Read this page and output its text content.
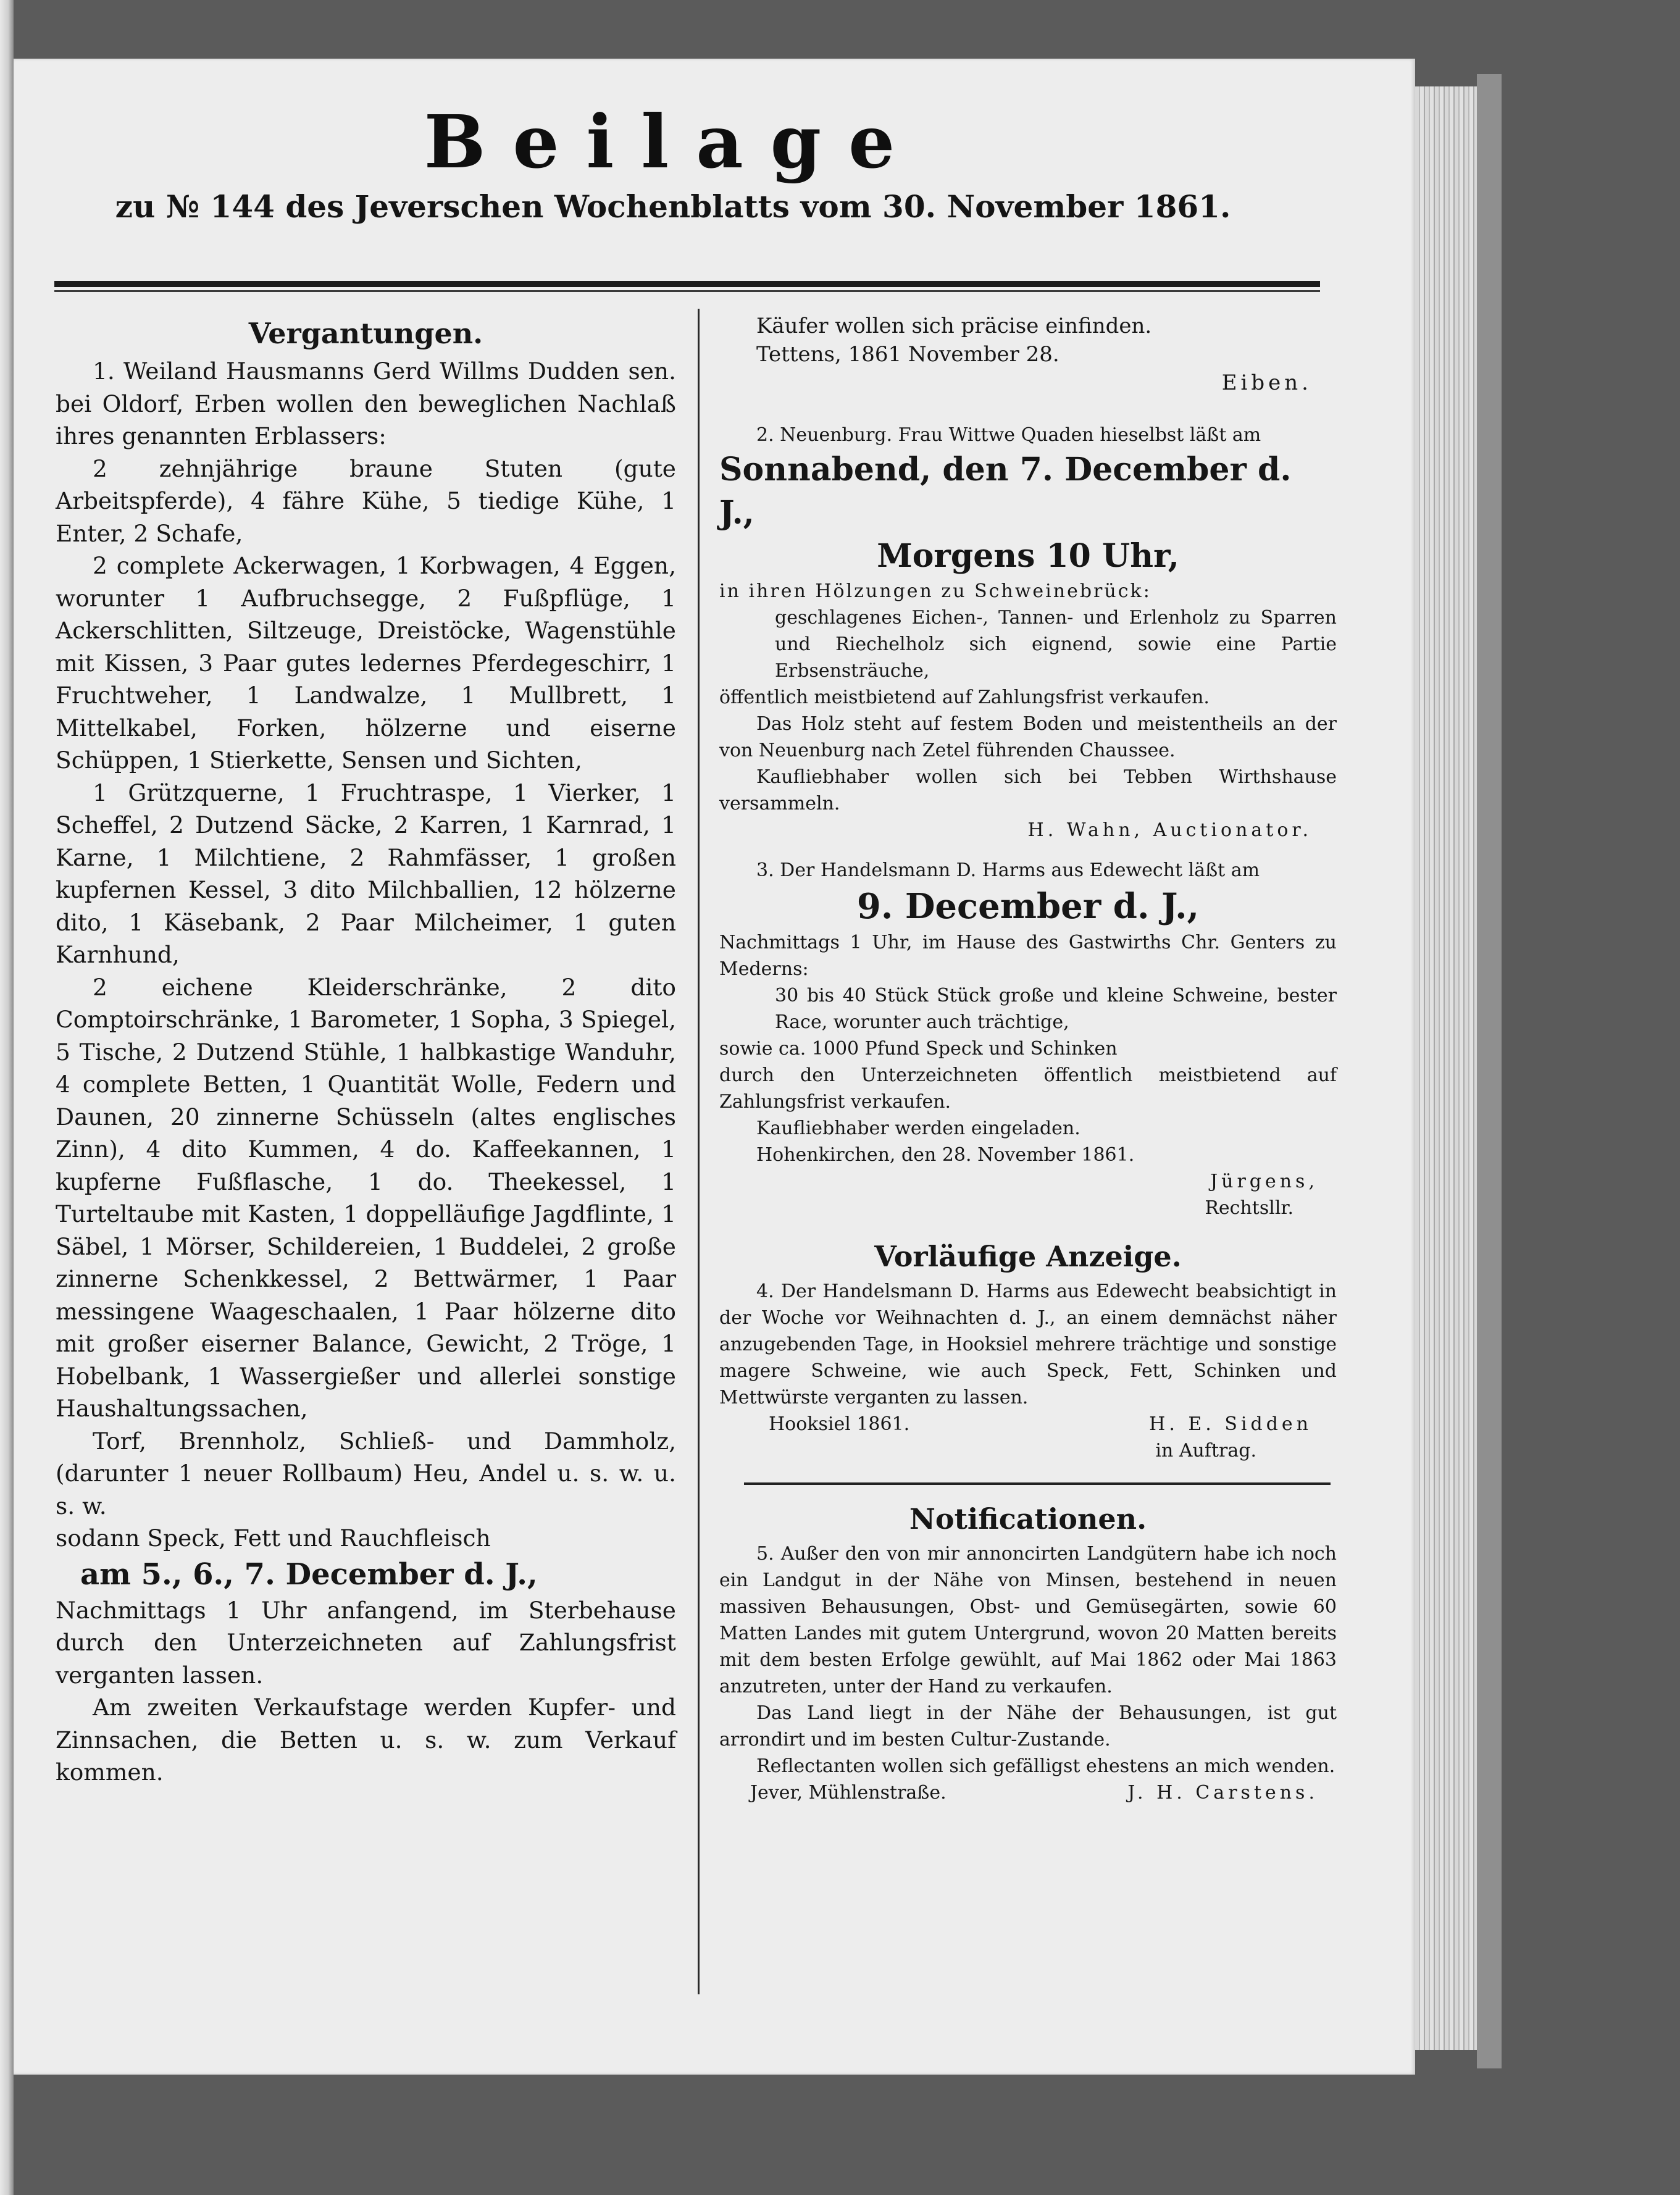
Beilage
zu № 144 des Jeverschen Wochenblatts vom 30. November 1861.
Vergantungen.

1. Weiland Hausmanns Gerd Willms Dudden sen. bei Oldorf, Erben wollen den beweglichen Nachlaß ihres genannten Erblassers:

2 zehnjährige braune Stuten (gute Arbeitspferde), 4 fähre Kühe, 5 tiedige Kühe, 1 Enter, 2 Schafe,

2 complete Ackerwagen, 1 Korbwagen, 4 Eggen, worunter 1 Aufbruchsegge, 2 Fußpflüge, 1 Ackerschlitten, Siltzeuge, Dreistöcke, Wagenstühle mit Kissen, 3 Paar gutes ledernes Pferdegeschirr, 1 Fruchtweher, 1 Landwalze, 1 Mullbrett, 1 Mittelkabel, Forken, hölzerne und eiserne Schüppen, 1 Stierkette, Sensen und Sichten,

1 Grützquerne, 1 Fruchtraspe, 1 Vierker, 1 Scheffel, 2 Dutzend Säcke, 2 Karren, 1 Karnrad, 1 Karne, 1 Milchtiene, 2 Rahmfässer, 1 großen kupfernen Kessel, 3 dito Milchballien, 12 hölzerne dito, 1 Käsebank, 2 Paar Milcheimer, 1 guten Karnhund,

2 eichene Kleiderschränke, 2 dito Comptoirschränke, 1 Barometer, 1 Sopha, 3 Spiegel, 5 Tische, 2 Dutzend Stühle, 1 halbkastige Wanduhr, 4 complete Betten, 1 Quantität Wolle, Federn und Daunen, 20 zinnerne Schüsseln (altes englisches Zinn), 4 dito Kummen, 4 do. Kaffeekannen, 1 kupferne Fußflasche, 1 do. Theekessel, 1 Turteltaube mit Kasten, 1 doppelläufige Jagdflinte, 1 Säbel, 1 Mörser, Schildereien, 1 Buddelei, 2 große zinnerne Schenkkessel, 2 Bettwärmer, 1 Paar messingene Waageschaalen, 1 Paar hölzerne dito mit großer eiserner Balance, Gewicht, 2 Tröge, 1 Hobelbank, 1 Wassergießer und allerlei sonstige Haushaltungssachen,

Torf, Brennholz, Schließ- und Dammholz, (darunter 1 neuer Rollbaum) Heu, Andel u. s. w. u. s. w.

sodann Speck, Fett und Rauchfleisch

am 5., 6., 7. December d. J.,

Nachmittags 1 Uhr anfangend, im Sterbehause durch den Unterzeichneten auf Zahlungsfrist verganten lassen.

Am zweiten Verkaufstage werden Kupfer- und Zinnsachen, die Betten u. s. w. zum Verkauf kommen.

Käufer wollen sich präcise einfinden.

Tettens, 1861 November 28.

Eiben.

2. Neuenburg. Frau Wittwe Quaden hieselbst läßt am

Sonnabend, den 7. December d. J.,

Morgens 10 Uhr,

in ihren Hölzungen zu Schweinebrück:

geschlagenes Eichen-, Tannen- und Erlenholz zu Sparren und Riechelholz sich eignend, sowie eine Partie Erbsensträuche,

öffentlich meistbietend auf Zahlungsfrist verkaufen.

Das Holz steht auf festem Boden und meistentheils an der von Neuenburg nach Zetel führenden Chaussee.

Kaufliebhaber wollen sich bei Tebben Wirthshause versammeln.

H. Wahn, Auctionator.

3. Der Handelsmann D. Harms aus Edewecht läßt am

9. December d. J.,

Nachmittags 1 Uhr, im Hause des Gastwirths Chr. Genters zu Mederns:

30 bis 40 Stück Stück große und kleine Schweine, bester Race, worunter auch trächtige,

sowie ca. 1000 Pfund Speck und Schinken

durch den Unterzeichneten öffentlich meistbietend auf Zahlungsfrist verkaufen.

Kaufliebhaber werden eingeladen.

Hohenkirchen, den 28. November 1861.

Jürgens,

Rechtsllr.

Vorläufige Anzeige.

4. Der Handelsmann D. Harms aus Edewecht beabsichtigt in der Woche vor Weihnachten d. J., an einem demnächst näher anzugebenden Tage, in Hooksiel mehrere trächtige und sonstige magere Schweine, wie auch Speck, Fett, Schinken und Mettwürste verganten zu lassen.

Hooksiel 1861.	H. E. Sidden

in Auftrag.

Notificationen.

5. Außer den von mir annoncirten Landgütern habe ich noch ein Landgut in der Nähe von Minsen, bestehend in neuen massiven Behausungen, Obst- und Gemüsegärten, sowie 60 Matten Landes mit gutem Untergrund, wovon 20 Matten bereits mit dem besten Erfolge gewühlt, auf Mai 1862 oder Mai 1863 anzutreten, unter der Hand zu verkaufen.

Das Land liegt in der Nähe der Behausungen, ist gut arrondirt und im besten Cultur-Zustande.

Reflectanten wollen sich gefälligst ehestens an mich wenden.

Jever, Mühlenstraße.	J. H. Carstens.
